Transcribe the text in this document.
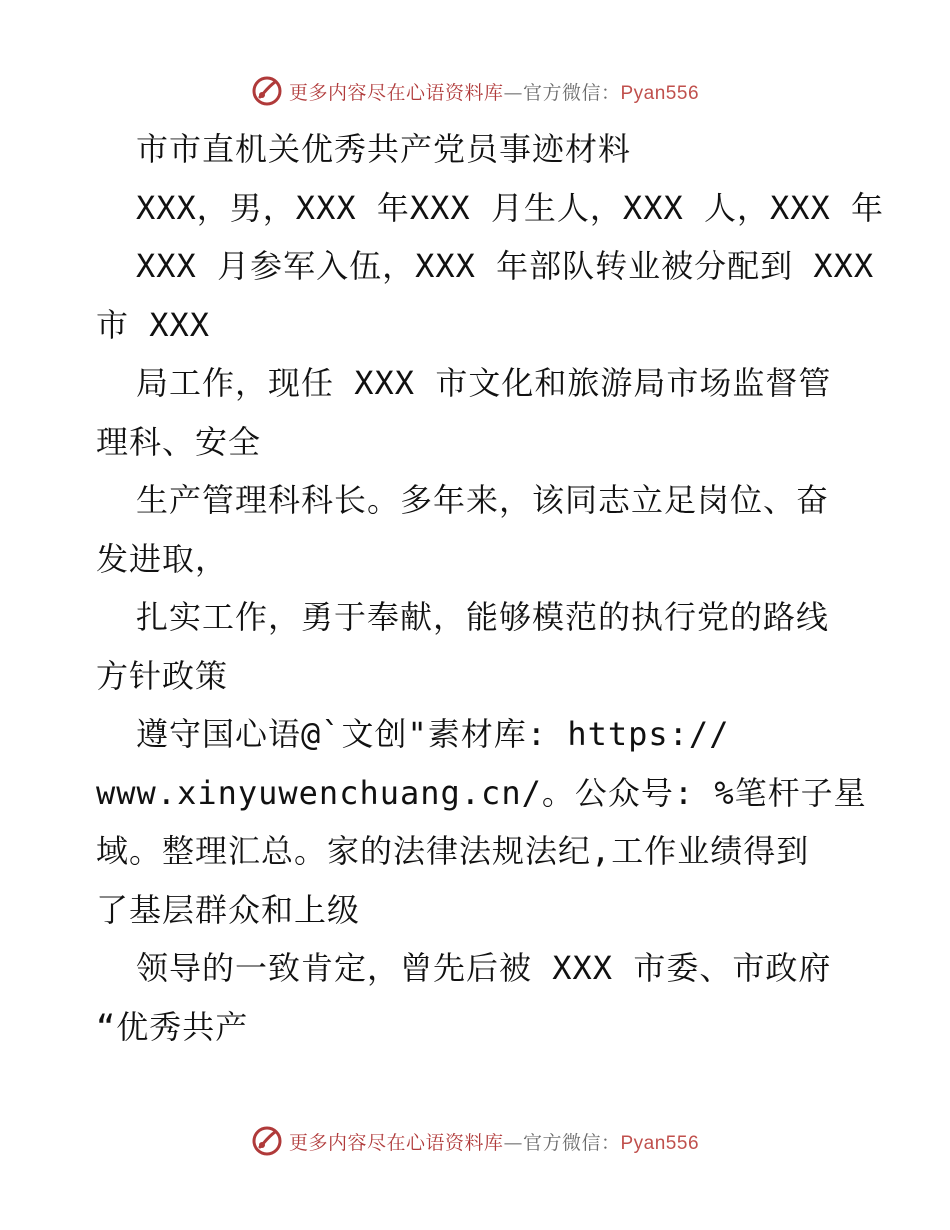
更多内容尽在心语资料库—官方微信：Pyan556
市市直机关优秀共产党员事迹材料
XXX，男，XXX 年XXX 月生人，XXX 人，XXX 年
XXX 月参军入伍，XXX 年部队转业被分配到 XXX
市 XXX
局工作，现任 XXX 市文化和旅游局市场监督管
理科、安全
生产管理科科长。多年来，该同志立足岗位、奋
发进取，
扎实工作，勇于奉献，能够模范的执行党的路线
方针政策
遵守国心语@`文创"素材库: https://
www.xinyuwenchuang.cn/。公众号: %笔杆子星
域。整理汇总。家的法律法规法纪,工作业绩得到
了基层群众和上级
领导的一致肯定，曾先后被 XXX 市委、市政府
“优秀共产
更多内容尽在心语资料库—官方微信：Pyan556
